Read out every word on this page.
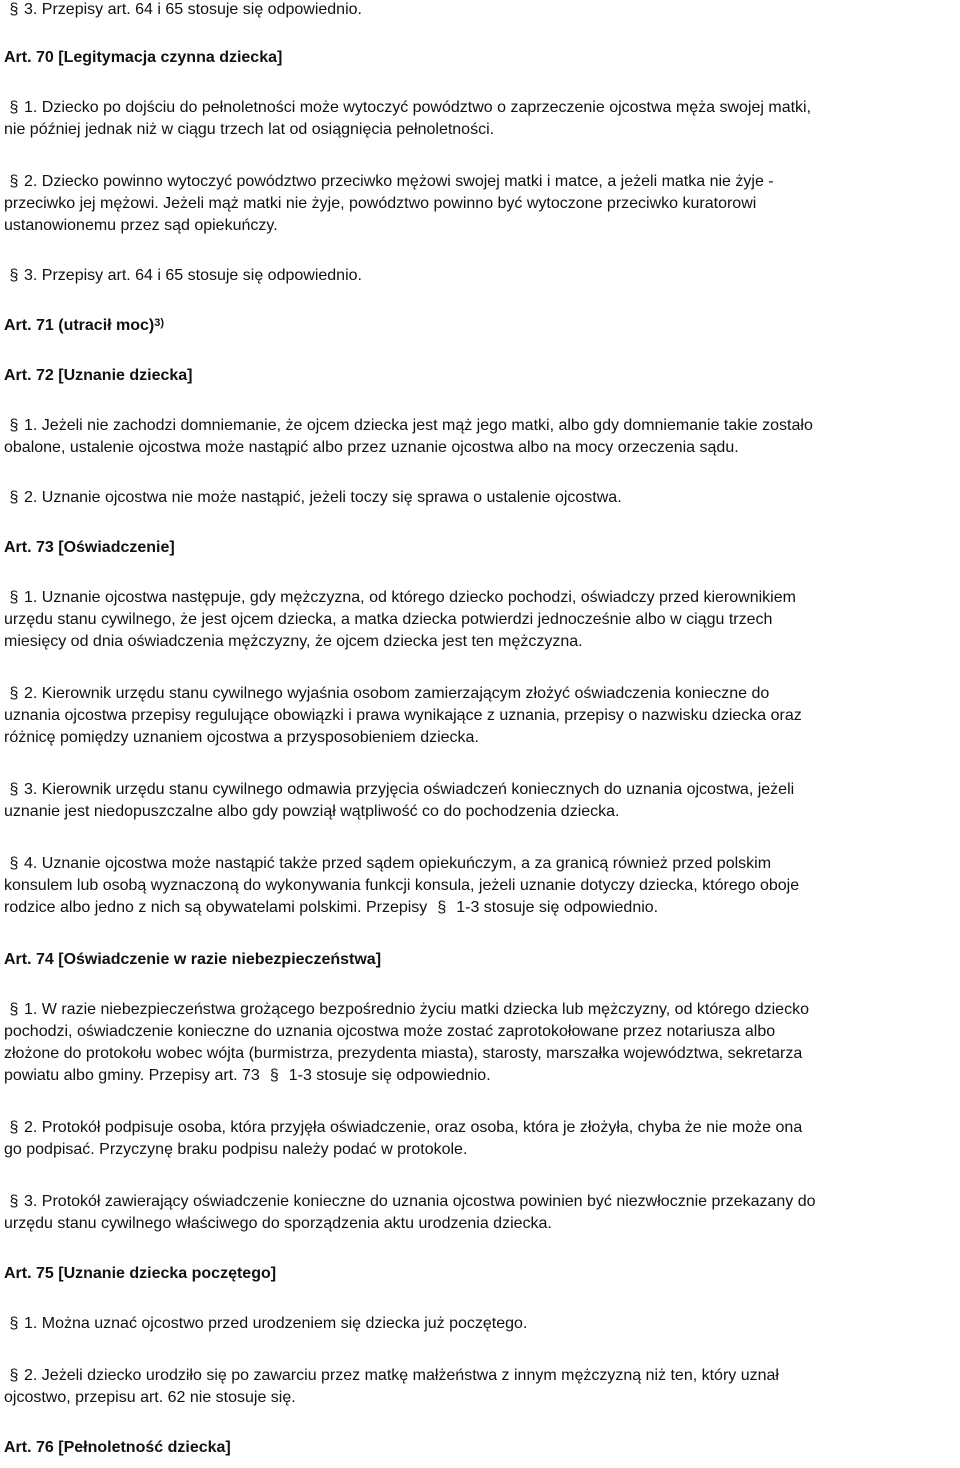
§ 3. Przepisy art. 64 i 65 stosuje się odpowiednio.

Art. 70 [Legitymacja czynna dziecka]

§ 1. Dziecko po dojściu do pełnoletności może wytoczyć powództwo o zaprzeczenie ojcostwa męża swojej matki,

nie później jednak niż w ciągu trzech lat od osiągnięcia pełnoletności.

§ 2. Dziecko powinno wytoczyć powództwo przeciwko mężowi swojej matki i matce, a jeżeli matka nie żyje -

przeciwko jej mężowi. Jeżeli mąż matki nie żyje, powództwo powinno być wytoczone przeciwko kuratorowi

ustanowionemu przez sąd opiekuńczy.

§ 3. Przepisy art. 64 i 65 stosuje się odpowiednio.

Art. 71 (utracił moc)$^{3)}$

Art. 72 [Uznanie dziecka]

§ 1. Jeżeli nie zachodzi domniemanie, że ojcem dziecka jest mąż jego matki, albo gdy domniemanie takie zostało

obalone, ustalenie ojcostwa może nastąpić albo przez uznanie ojcostwa albo na mocy orzeczenia sądu.

§ 2. Uznanie ojcostwa nie może nastąpić, jeżeli toczy się sprawa o ustalenie ojcostwa.

Art. 73 [Oświadczenie]

§ 1. Uznanie ojcostwa następuje, gdy mężczyzna, od którego dziecko pochodzi, oświadczy przed kierownikiem

urzędu stanu cywilnego, że jest ojcem dziecka, a matka dziecka potwierdzi jednocześnie albo w ciągu trzech

miesięcy od dnia oświadczenia mężczyzny, że ojcem dziecka jest ten mężczyzna.

§ 2. Kierownik urzędu stanu cywilnego wyjaśnia osobom zamierzającym złożyć oświadczenia konieczne do

uznania ojcostwa przepisy regulujące obowiązki i prawa wynikające z uznania, przepisy o nazwisku dziecka oraz

różnicę pomiędzy uznaniem ojcostwa a przysposobieniem dziecka.

§ 3. Kierownik urzędu stanu cywilnego odmawia przyjęcia oświadczeń koniecznych do uznania ojcostwa, jeżeli

uznanie jest niedopuszczalne albo gdy powziął wątpliwość co do pochodzenia dziecka.

§ 4. Uznanie ojcostwa może nastąpić także przed sądem opiekuńczym, a za granicą również przed polskim

konsulem lub osobą wyznaczoną do wykonywania funkcji konsula, jeżeli uznanie dotyczy dziecka, którego oboje

rodzice albo jedno z nich są obywatelami polskimi. Przepisy § 1-3 stosuje się odpowiednio.

Art. 74 [Oświadczenie w razie niebezpieczeństwa]

§ 1. W razie niebezpieczeństwa grożącego bezpośrednio życiu matki dziecka lub mężczyzny, od którego dziecko

pochodzi, oświadczenie konieczne do uznania ojcostwa może zostać zaprotokołowane przez notariusza albo

złożone do protokołu wobec wójta (burmistrza, prezydenta miasta), starosty, marszałka województwa, sekretarza

powiatu albo gminy. Przepisy art. 73 § 1-3 stosuje się odpowiednio.

§ 2. Protokół podpisuje osoba, która przyjęła oświadczenie, oraz osoba, która je złożyła, chyba że nie może ona

go podpisać. Przyczynę braku podpisu należy podać w protokole.

§ 3. Protokół zawierający oświadczenie konieczne do uznania ojcostwa powinien być niezwłocznie przekazany do

urzędu stanu cywilnego właściwego do sporządzenia aktu urodzenia dziecka.

Art. 75 [Uznanie dziecka poczętego]

§ 1. Można uznać ojcostwo przed urodzeniem się dziecka już poczętego.

§ 2. Jeżeli dziecko urodziło się po zawarciu przez matkę małżeństwa z innym mężczyzną niż ten, który uznał

ojcostwo, przepisu art. 62 nie stosuje się.

Art. 76 [Pełnoletność dziecka]
